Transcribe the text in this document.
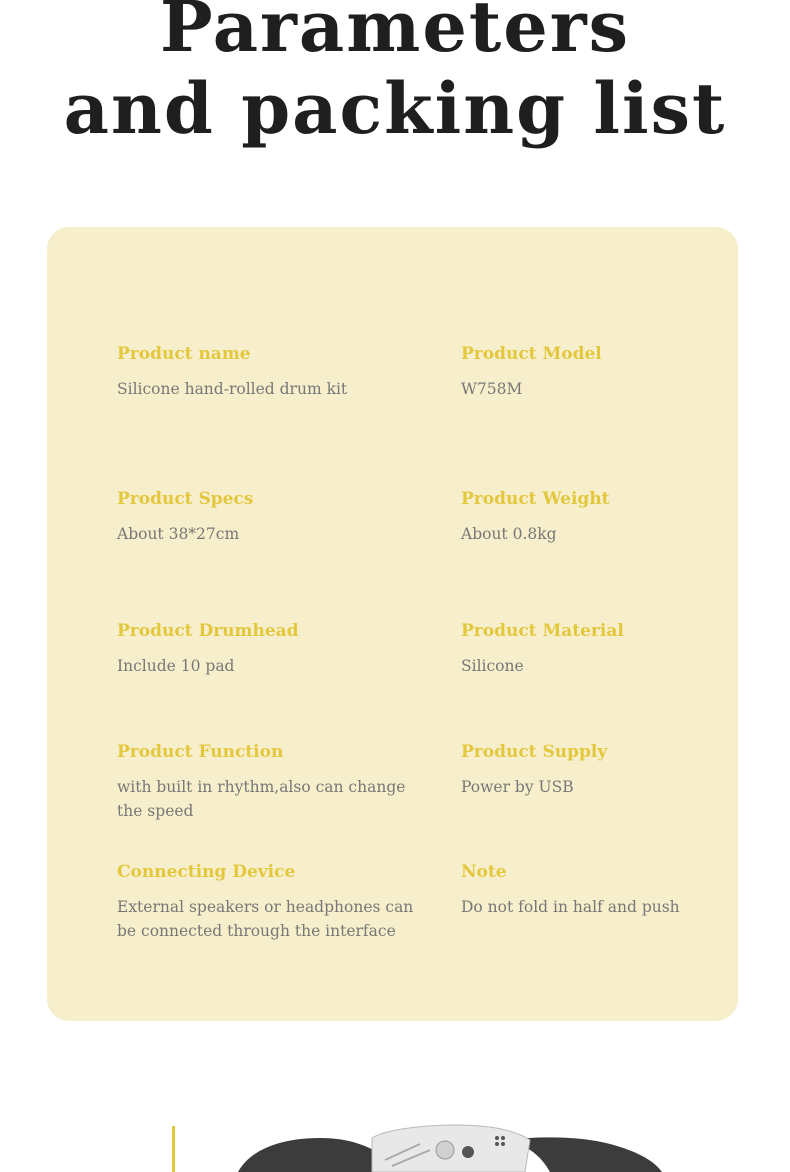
Parameters
and packing list
Product name
Silicone hand-rolled drum kit
Product Model
W758M
Product Specs
About 38*27cm
Product Weight
About 0.8kg
Product Drumhead
Include 10 pad
Product Material
Silicone
Product Function
with built in rhythm,also can change the speed
Product Supply
Power by USB
Connecting Device
External speakers or headphones can be connected through the interface
Note
Do not fold in half and push
